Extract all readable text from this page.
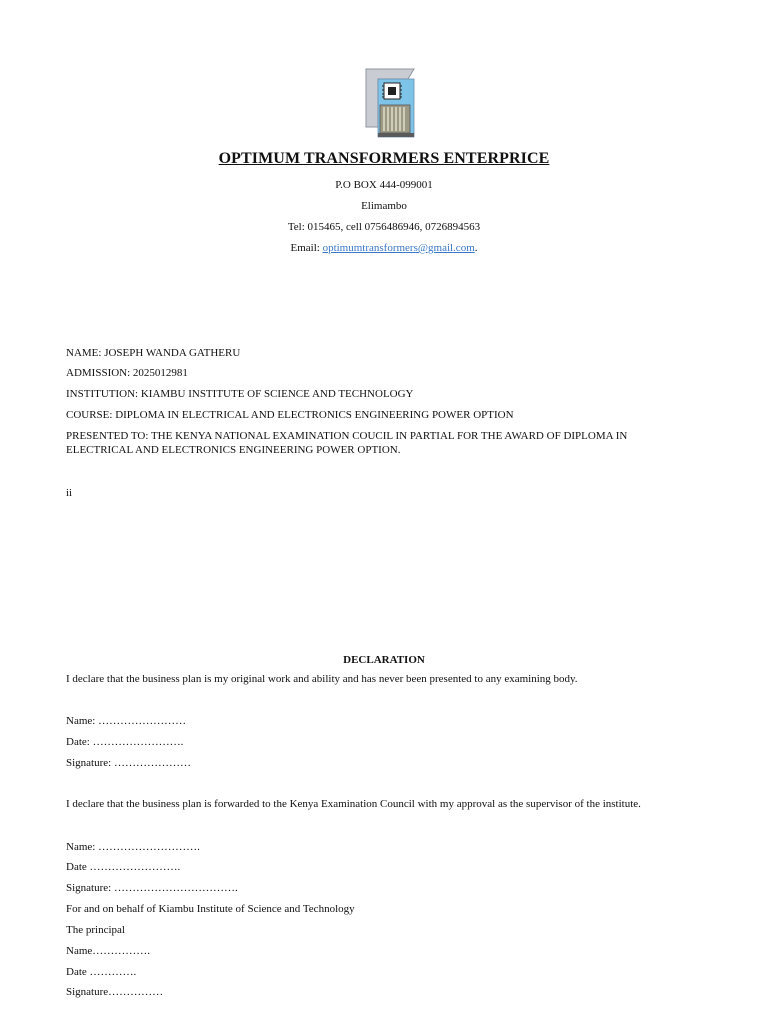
OPTIMUM TRANSFORMERS ENTERPRICE
P.O BOX 444-099001
Elimambo
Tel: 015465, cell 0756486946, 0726894563
Email: optimumtransformers@gmail.com.
NAME: JOSEPH WANDA GATHERU
ADMISSION: 2025012981
INSTITUTION: KIAMBU INSTITUTE OF SCIENCE AND TECHNOLOGY
COURSE: DIPLOMA IN ELECTRICAL AND ELECTRONICS ENGINEERING POWER OPTION
PRESENTED TO: THE KENYA NATIONAL EXAMINATION COUCIL IN PARTIAL FOR THE AWARD OF DIPLOMA IN
ELECTRICAL AND ELECTRONICS ENGINEERING POWER OPTION.
ii
DECLARATION
I declare that the business plan is my original work and ability and has never been presented to any examining body.
Name: ……………………
Date: …………………….
Signature: …………………
I declare that the business plan is forwarded to the Kenya Examination Council with my approval as the supervisor of the institute.
Name: ……………………….
Date …………………….
Signature: …………………………….
For and on behalf of Kiambu Institute of Science and Technology
The principal
Name…………….
Date ………….
Signature……………
